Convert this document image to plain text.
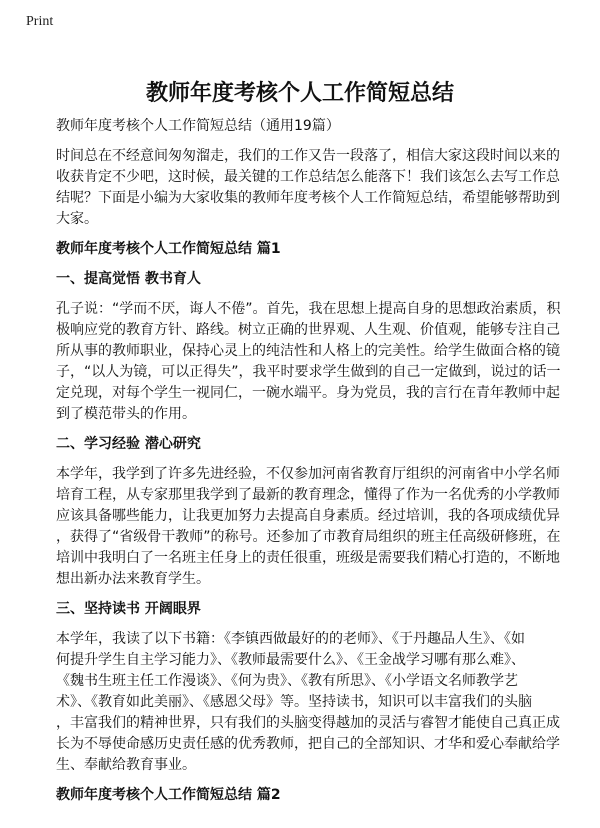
Print
教师年度考核个人工作简短总结
教师年度考核个人工作简短总结（通用19篇）
时间总在不经意间匆匆溜走，我们的工作又告一段落了，相信大家这段时间以来的
收获肯定不少吧，这时候，最关键的工作总结怎么能落下！我们该怎么去写工作总
结呢？下面是小编为大家收集的教师年度考核个人工作简短总结，希望能够帮助到
大家。
教师年度考核个人工作简短总结 篇1
一、提高觉悟 教书育人
孔子说：“学而不厌，诲人不倦”。首先，我在思想上提高自身的思想政治素质，积
极响应党的教育方针、路线。树立正确的世界观、人生观、价值观，能够专注自己
所从事的教师职业，保持心灵上的纯洁性和人格上的完美性。给学生做面合格的镜
子，“以人为镜，可以正得失”，我平时要求学生做到的自己一定做到，说过的话一
定兑现，对每个学生一视同仁，一碗水端平。身为党员，我的言行在青年教师中起
到了模范带头的作用。
二、学习经验 潜心研究
本学年，我学到了许多先进经验，不仅参加河南省教育厅组织的河南省中小学名师
培育工程，从专家那里我学到了最新的教育理念，懂得了作为一名优秀的小学教师
应该具备哪些能力，让我更加努力去提高自身素质。经过培训，我的各项成绩优异
，获得了“省级骨干教师”的称号。还参加了市教育局组织的班主任高级研修班，在
培训中我明白了一名班主任身上的责任很重，班级是需要我们精心打造的，不断地
想出新办法来教育学生。
三、坚持读书 开阔眼界
本学年，我读了以下书籍：《李镇西做最好的的老师》、《于丹趣品人生》、《如
何提升学生自主学习能力》、《教师最需要什么》、《王金战学习哪有那么难》、
《魏书生班主任工作漫谈》、《何为贵》、《教有所思》、《小学语文名师教学艺
术》、《教育如此美丽》、《感恩父母》等。坚持读书，知识可以丰富我们的头脑
，丰富我们的精神世界，只有我们的头脑变得越加的灵活与睿智才能使自己真正成
长为不辱使命感历史责任感的优秀教师，把自己的全部知识、才华和爱心奉献给学
生、奉献给教育事业。
教师年度考核个人工作简短总结 篇2
